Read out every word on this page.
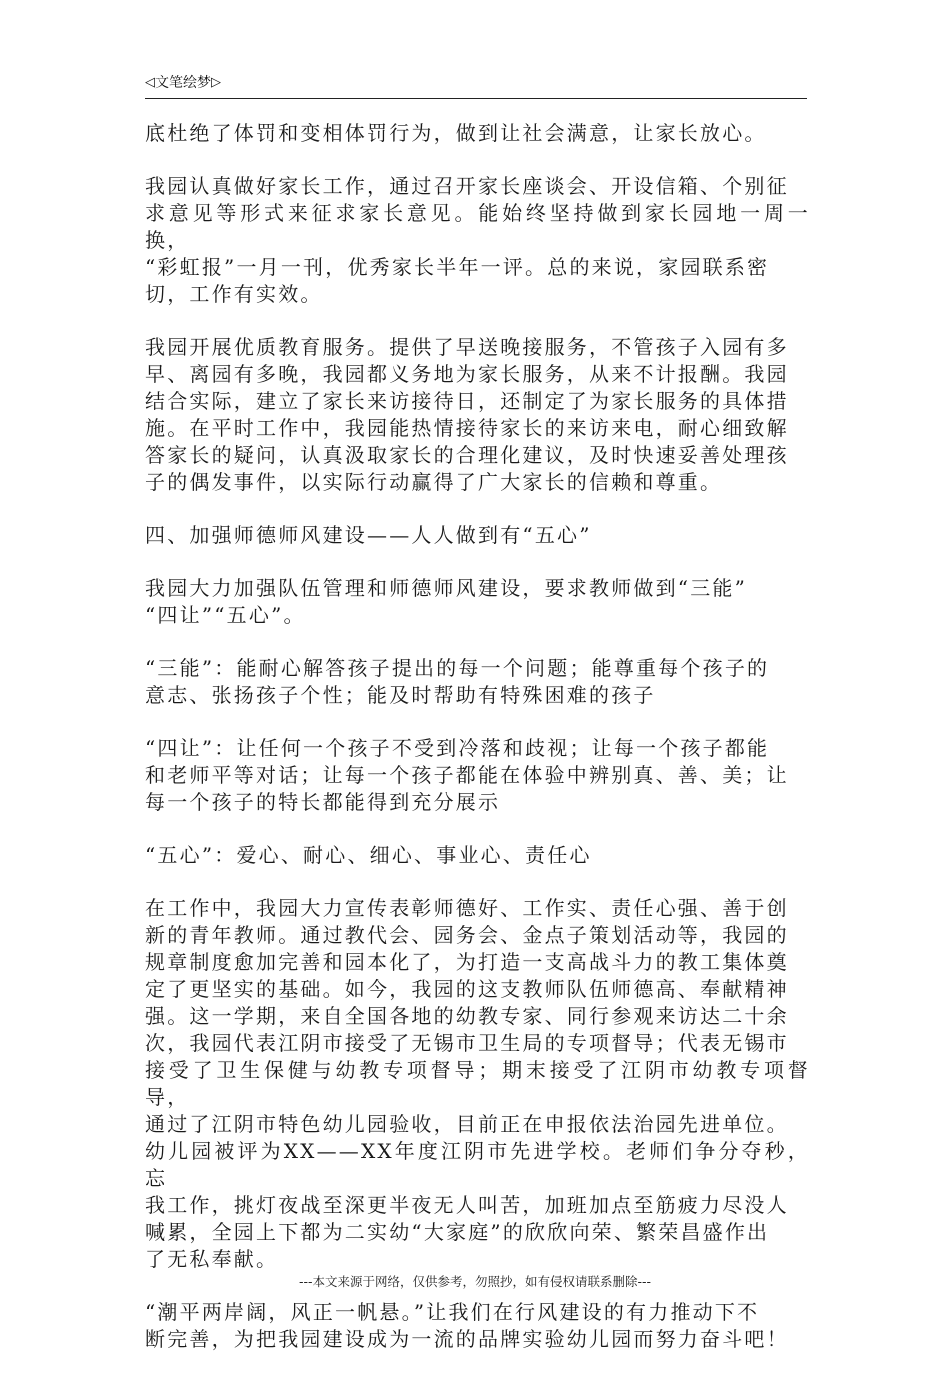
◁ 文笔绘梦 ▷

底杜绝了体罚和变相体罚行为，做到让社会满意，让家长放心。

我园认真做好家长工作，通过召开家长座谈会、开设信箱、个别征
求意见等形式来征求家长意见。能始终坚持做到家长园地一周一换，
“彩虹报”一月一刊，优秀家长半年一评。总的来说，家园联系密
切，工作有实效。

我园开展优质教育服务。提供了早送晚接服务，不管孩子入园有多
早、离园有多晚，我园都义务地为家长服务，从来不计报酬。我园
结合实际，建立了家长来访接待日，还制定了为家长服务的具体措
施。在平时工作中，我园能热情接待家长的来访来电，耐心细致解
答家长的疑问，认真汲取家长的合理化建议，及时快速妥善处理孩
子的偶发事件，以实际行动赢得了广大家长的信赖和尊重。

四、加强师德师风建设——人人做到有“五心”

我园大力加强队伍管理和师德师风建设，要求教师做到“三能”
“四让”“五心”。

“三能”：能耐心解答孩子提出的每一个问题；能尊重每个孩子的
意志、张扬孩子个性；能及时帮助有特殊困难的孩子

“四让”：让任何一个孩子不受到冷落和歧视；让每一个孩子都能
和老师平等对话；让每一个孩子都能在体验中辨别真、善、美；让
每一个孩子的特长都能得到充分展示

“五心”：爱心、耐心、细心、事业心、责任心

在工作中，我园大力宣传表彰师德好、工作实、责任心强、善于创
新的青年教师。通过教代会、园务会、金点子策划活动等，我园的
规章制度愈加完善和园本化了，为打造一支高战斗力的教工集体奠
定了更坚实的基础。如今，我园的这支教师队伍师德高、奉献精神
强。这一学期，来自全国各地的幼教专家、同行参观来访达二十余
次，我园代表江阴市接受了无锡市卫生局的专项督导；代表无锡市
接受了卫生保健与幼教专项督导；期末接受了江阴市幼教专项督导，
通过了江阴市特色幼儿园验收，目前正在申报依法治园先进单位。
幼儿园被评为XX——XX年度江阴市先进学校。老师们争分夺秒，忘
我工作，挑灯夜战至深更半夜无人叫苦，加班加点至筋疲力尽没人
喊累，全园上下都为二实幼“大家庭”的欣欣向荣、繁荣昌盛作出
了无私奉献。

“潮平两岸阔，风正一帆悬。”让我们在行风建设的有力推动下不
断完善，为把我园建设成为一流的品牌实验幼儿园而努力奋斗吧！

---本文来源于网络，仅供参考，勿照抄，如有侵权请联系删除---
